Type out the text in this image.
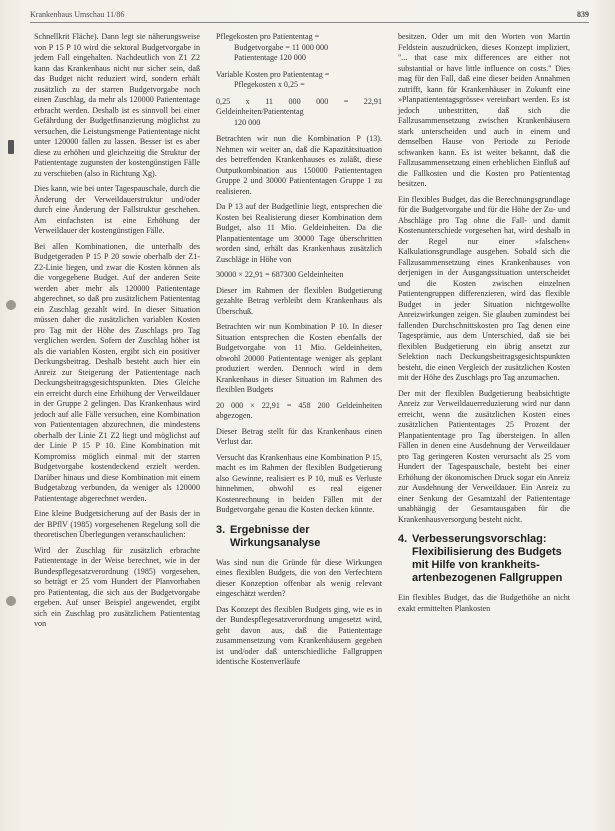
Krankenhaus Umschau 11/86	839

Schnellkrit Fläche). Dann legt sie näherungsweise von P 15 P 10 wird die sektoral Budgetvorgabe in jedem Fall eingehalten. Nachdeutlich von Z1 Z2 kann das Krankenhaus nicht nur sicher sein, daß das Budget nicht reduziert wird, sondern erhält zusätzlich zu der starren Budgetvorgabe noch einen Zuschlag, da mehr als 120000 Patiententage erbracht werden. Deshalb ist es sinnvoll bei einer Gefährdung der Budgetfinanzierung möglichst zu versuchen, die Leistungsmenge Patiententage nicht unter 120000 fallen zu lassen. Besser ist es aber diese zu erhöhen und gleichzeitig die Struktur der Patiententage zugunsten der kostengünstigen Fälle zu verschieben (also in Richtung Xg).

Dies kann, wie bei unter Tagespauschale, durch die Änderung der Verweildauerstruktur und/oder durch eine Änderung der Fallstruktur geschehen. Am einfachsten ist eine Erhöhung der Verweildauer der kostengünstigen Fälle.

Bei allen Kombinationen, die unterhalb des Budgetgeraden P 15 P 20 sowie oberhalb der Z1-Z2-Linie liegen, und zwar die Kosten können als die vorgegebene Budget. Auf der anderen Seite werden aber mehr als 120000 Patiententage abgerechnet, so daß pro zusätzlichem Patiententag ein Zuschlag gezahlt wird. In dieser Situation müssen daher die zusätzlichen variablen Kosten pro Tag mit der Höhe des Zuschlags pro Tag verglichen werden. Sofern der Zuschlag höher ist als die variablen Kosten, ergibt sich ein positiver Deckungsbeitrag. Deshalb besteht auch hier ein Anreiz zur Steigerung der Patiententage nach Deckungsbeitragsgesichtspunkten. Dies Gleiche ein erreicht durch eine Erhöhung der Verweildauer in der Gruppe 2 gelingen. Das Krankenhaus wird jedoch auf alle Fälle versuchen, eine Kombination von Patiententagen abzurechnen, die mindestens oberhalb der Linie Z1 Z2 liegt und möglichst auf der Linie P 15 P 10. Eine Kombination mit Kompromiss möglich einmal mit der starren Budgetvorgabe kostendeckend erzielt werden. Darüber hinaus und diese Kombination mit einem Budgetabzug verbunden, da weniger als 120000 Patiententage abgerechnet werden.

Eine kleine Budgetsicherung auf der Basis der in der BPflV (1985) vorgesehenen Regelung soll die theoretischen Überlegungen veranschaulichen:

Wird der Zuschlag für zusätzlich erbrachte Patiententage in der Weise berechnet, wie in der Bundespflegesatzverordnung (1985) vorgesehen, so beträgt er 25 vom Hundert der Planvorhaben pro Patiententag, die sich aus der Budgetvorgabe ergeben. Auf unser Beispiel angewendet, ergibt sich ein Zuschlag pro zusätzlichem Patiententag von

Pflegekosten pro Patiententag =
Budgetvorgabe = 11 000 000
Patiententage 120 000
Variable Kosten pro Patiententag =
Pflegekosten x 0,25 =
0,25 x 11 000 000 = 22,91 Geldeinheiten/Patiententag
120 000

Betrachten wir nun die Kombination P (13). Nehmen wir weiter an, daß die Kapazitätsituation des betreffenden Krankenhauses es zuläßt, diese Outputkombination aus 150000 Patiententagen Gruppe 2 und 30000 Patiententagen Gruppe 1 zu realisieren.

Da P 13 auf der Budgetlinie liegt, entsprechen die Kosten bei Realisierung dieser Kombination dem Budget, also 11 Mio. Geldeinheiten. Da die Planpatiententage um 30000 Tage überschritten worden sind, erhält das Krankenhaus zusätzlich Zuschläge in Höhe von

30000 × 22,91 = 687300 Geldeinheiten

Dieser im Rahmen der flexiblen Budgetierung gezahlte Betrag verbleibt dem Krankenhaus als Überschuß.

Betrachten wir nun Kombination P 10. In dieser Situation entsprechen die Kosten ebenfalls der Budgetvorgabe von 11 Mio. Geldeinheiten, obwohl 20000 Patiententage weniger als geplant produziert werden. Dennoch wird in dem Krankenhaus in dieser Situation im Rahmen des flexiblen Budgets

20 000 × 22,91 = 458 200 Geldeinheiten abgezogen.

Dieser Betrag stellt für das Krankenhaus einen Verlust dar.

Versucht das Krankenhaus eine Kombination P 15, macht es im Rahmen der flexiblen Budgetierung also Gewinne, realisiert es P 10, muß es Verluste hinnehmen, obwohl es real eigener Kostenrechnung in beiden Fällen mit der Budgetvorgabe genau die Kosten decken könnte.

3. Ergebnisse der
Wirkungsanalyse

Was sind nun die Gründe für diese Wirkungen eines flexiblen Budgets, die von den Verfechtern dieser Konzeption offenbar als wenig relevant eingeschätzt werden?

Das Konzept des flexiblen Budgets ging, wie es in der Bundespflegesatzverordnung umgesetzt wird, geht davon aus, daß die Patiententage zusammensetzung vom Krankenhäusern gegeben ist und/oder daß unterschiedliche Fallgruppen identische Kostenverläufe

besitzen. Oder um mit den Worten von Martin Feldstein auszudrücken, dieses Konzept impliziert, "... that case mix differences are either not substantial or have little influence on costs." Dies mag für den Fall, daß eine dieser beiden Annahmen zutrifft, kann für Krankenhäuser in Zukunft eine »Planpatiententagsgrösse« vereinbart werden. Es ist jedoch unbestritten, daß sich die Fallzusammensetzung zwischen Krankenhäusern stark unterscheiden und auch in einem und demselben Hause von Periode zu Periode schwanken kann. Es ist weiter bekannt, daß die Fallzusammensetzung einen erheblichen Einfluß auf die Fallkosten und die Kosten pro Patiententag besitzen.

Ein flexibles Budget, das die Berechnungsgrundlage für die Budgetvorgabe und für die Höhe der Zu- und Abschläge pro Tag ohne die Fall- und damit Kostenunterschiede vorgesehen hat, wird deshalb in der Regel nur einer »falschen« Kalkulationsgrundlage ausgehen. Sobald sich die Fallzusammensetzung eines Krankenhauses von derjenigen in der Ausgangssituation unterscheidet und die Kosten zwischen einzelnen Patientengruppen differenzieren, wird das flexible Budget in jeder Situation nichtgewollte Anreizwirkungen zeigen. Sie glauben zumindest bei fallenden Durchschnittskosten pro Tag denen eine Tagesprämie, aus dem Unterschied, daß sie bei flexiblen Budgetierung ein übrig ansetzt zur Selektion nach Deckungsbeitragsgesichtspunkten besteht, die einen Vergleich der zusätzlichen Kosten mit der Höhe des Zuschlags pro Tag anzumachen.

Der mit der flexiblen Budgetierung beabsichtigte Anreiz zur Verweildauerreduzierung wird nur dann erreicht, wenn die zusätzlichen Kosten eines zusätzlichen Patiententages 25 Prozent der Planpatiententage pro Tag übersteigen. In allen Fällen in denen eine Ausdehnung der Verweildauer pro Tag geringeren Kosten verursacht als 25 vom Hundert der Tagespauschale, besteht bei einer Erhöhung der ökonomischen Druck sogar ein Anreiz zur Ausdehnung der Verweildauer. Ein Anreiz zu einer Senkung der Gesamtzahl der Patiententage unabhängig der Gesamtausgaben für die Krankenhausversorgung besteht nicht.

4. Verbesserungsvorschlag:
Flexibilisierung des Budgets
mit Hilfe von krankheits-
artenbezogenen Fallgruppen

Ein flexibles Budget, das die Budgethöhe an nicht exakt ermittelten Plankosten
